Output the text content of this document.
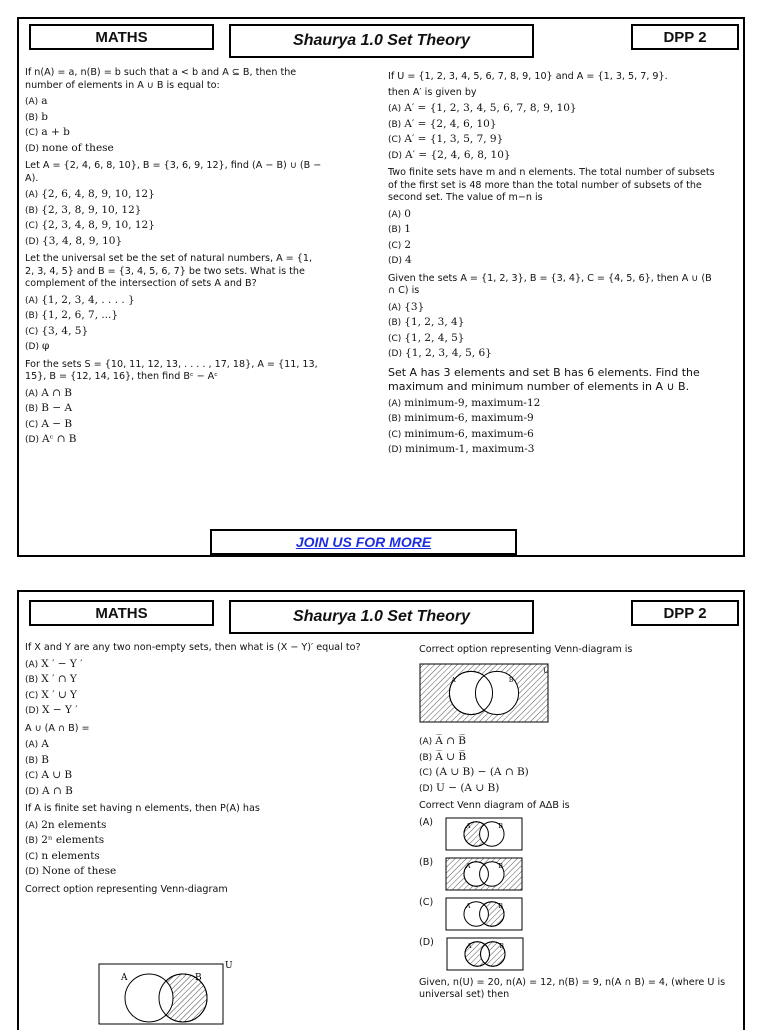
MATHS	Shaurya 1.0 Set Theory	DPP 2
If n(A) = a, n(B) = b such that a < b and A ⊆ B, then the number of elements in A ∪ B is equal to:
(A) a
(B) b
(C) a + b
(D) none of these
Let A = {2, 4, 6, 8, 10}, B = {3, 6, 9, 12}, find (A − B) ∪ (B − A).
(A) {2, 6, 4, 8, 9, 10, 12}
(B) {2, 3, 8, 9, 10, 12}
(C) {2, 3, 4, 8, 9, 10, 12}
(D) {3, 4, 8, 9, 10}
Let the universal set be the set of natural numbers, A = {1, 2, 3, 4, 5} and B = {3, 4, 5, 6, 7} be two sets. What is the complement of the intersection of sets A and B?
(A) {1, 2, 3, 4, . . . . }
(B) {1, 2, 6, 7, ...}
(C) {3, 4, 5}
(D) φ
For the sets S = {10, 11, 12, 13, . . . . , 17, 18}, A = {11, 13, 15}, B = {12, 14, 16}, then find Bᶜ − Aᶜ
(A) A ∩ B
(B) B − A
(C) A − B
(D) Aᶜ ∩ B
If U = {1, 2, 3, 4, 5, 6, 7, 8, 9, 10} and A = {1, 3, 5, 7, 9}.
then A′ is given by
(A) A′ = {1, 2, 3, 4, 5, 6, 7, 8, 9, 10}
(B) A′ = {2, 4, 6, 10}
(C) A′ = {1, 3, 5, 7, 9}
(D) A′ = {2, 4, 6, 8, 10}
Two finite sets have m and n elements. The total number of subsets of the first set is 48 more than the total number of subsets of the second set. The value of m−n is
(A) 0
(B) 1
(C) 2
(D) 4
Given the sets A = {1, 2, 3}, B = {3, 4}, C = {4, 5, 6}, then A ∪ (B ∩ C) is
(A) {3}
(B) {1, 2, 3, 4}
(C) {1, 2, 4, 5}
(D) {1, 2, 3, 4, 5, 6}
Set A has 3 elements and set B has 6 elements. Find the maximum and minimum number of elements in A ∪ B.
(A) minimum-9, maximum-12
(B) minimum-6, maximum-9
(C) minimum-6, maximum-6
(D) minimum-1, maximum-3
JOIN US FOR MORE
MATHS	Shaurya 1.0 Set Theory	DPP 2
If X and Y are any two non-empty sets, then what is (X − Y)′ equal to?
(A) X ′ − Y ′
(B) X ′ ∩ Y
(C) X ′ ∪ Y
(D) X − Y ′
A ∪ (A ∩ B) =
(A) A
(B) B
(C) A ∪ B
(D) A ∩ B
If A is finite set having n elements, then P(A) has
(A) 2n elements
(B) 2ⁿ elements
(C) n elements
(D) None of these
Correct option representing Venn-diagram
A	B
U
Correct option representing Venn-diagram is
A	B
U
(A) A̅ ∩ B̅
(B) A̅ ∪ B̅
(C) (A ∪ B) − (A ∩ B)
(D) U − (A ∪ B)
Correct Venn diagram of AΔB is
(A)	A	B
(B)	A	B
(C)	A	B
(D)	A	B
Given, n(U) = 20, n(A) = 12, n(B) = 9, n(A ∩ B) = 4, (where U is universal set) then
